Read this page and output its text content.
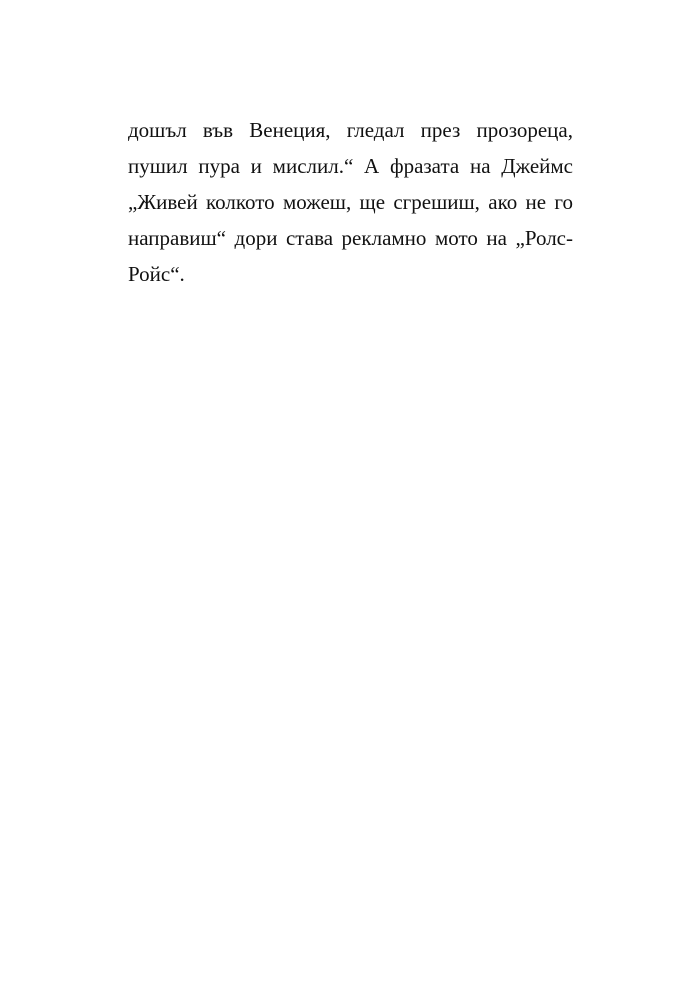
дошъл във Венеция, гледал през прозореца,
пушил пура и мислил.“ А фразата на Джеймс
„Живей колкото можеш, ще сгрешиш, ако не го
направиш“ дори става рекламно мото на „Ролс-
Ройс“.
